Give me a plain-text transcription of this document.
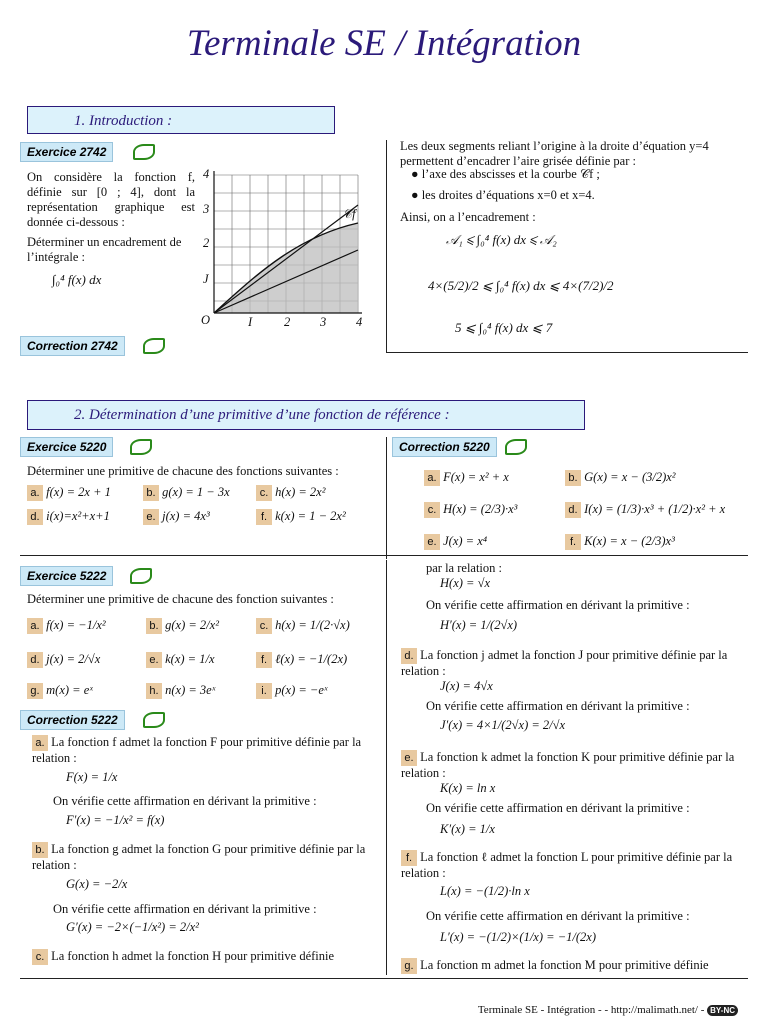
Terminale SE / Intégration
1. Introduction :
Exercice 2742
On considère la fonction f, définie sur [0 ; 4], dont la représentation graphique est donnée ci-dessous :
Déterminer un encadrement de l’intégrale :
∫₀⁴ f(x) dx
4
3
2
J
O	I	2 3 4
𝒞f
Correction 2742
Les deux segments reliant l’origine à la droite d’équation y=4 permettent d’encadrer l’aire grisée définie par :
● l’axe des abscisses et la courbe 𝒞f ;
● les droites d’équations x=0 et x=4.
Ainsi, on a l’encadrement :
𝒜₁ ⩽ ∫₀⁴ f(x) dx ⩽ 𝒜₂
4×(5/2)/2 ⩽ ∫₀⁴ f(x) dx ⩽ 4×(7/2)/2
5 ⩽ ∫₀⁴ f(x) dx ⩽ 7
2. Détermination d’une primitive d’une fonction de référence :
Exercice 5220	Correction 5220
Déterminer une primitive de chacune des fonctions suivantes :
a. f(x) = 2x + 1	b. g(x) = 1 − 3x	c. h(x) = 2x²
d. i(x)=x²+x+1	e. j(x) = 4x³	f. k(x) = 1 − 2x²
a. F(x) = x² + x	b. G(x) = x − (3/2)x²
c. H(x) = (2/3)·x³	d. I(x) = (1/3)·x³ + (1/2)·x² + x
e. J(x) = x⁴	f. K(x) = x − (2/3)x³
Exercice 5222
Déterminer une primitive de chacune des fonction suivantes :
a. f(x) = −1/x²	b. g(x) = 2/x²	c. h(x) = 1/(2·√x)
d. j(x) = 2/√x	e. k(x) = 1/x	f. ℓ(x) = −1/(2x)
g. m(x) = eˣ	h. n(x) = 3eˣ	i. p(x) = −eˣ
Correction 5222
a. La fonction f admet la fonction F pour primitive définie par la relation :
F(x) = 1/x
On vérifie cette affirmation en dérivant la primitive :
F′(x) = −1/x² = f(x)
b. La fonction g admet la fonction G pour primitive définie par la relation :
G(x) = −2/x
On vérifie cette affirmation en dérivant la primitive :
G′(x) = −2×(−1/x²) = 2/x²
c. La fonction h admet la fonction H pour primitive définie
par la relation :
H(x) = √x
On vérifie cette affirmation en dérivant la primitive :
H′(x) = 1/(2√x)
d. La fonction j admet la fonction J pour primitive définie par la relation :
J(x) = 4√x
On vérifie cette affirmation en dérivant la primitive :
J′(x) = 4×1/(2√x) = 2/√x
e. La fonction k admet la fonction K pour primitive définie par la relation :
K(x) = ln x
On vérifie cette affirmation en dérivant la primitive :
K′(x) = 1/x
f. La fonction ℓ admet la fonction L pour primitive définie par la relation :
L(x) = −(1/2)·ln x
On vérifie cette affirmation en dérivant la primitive :
L′(x) = −(1/2)×(1/x) = −1/(2x)
g. La fonction m admet la fonction M pour primitive définie
Terminale SE - Intégration - - http://malimath.net/ - BY-NC
